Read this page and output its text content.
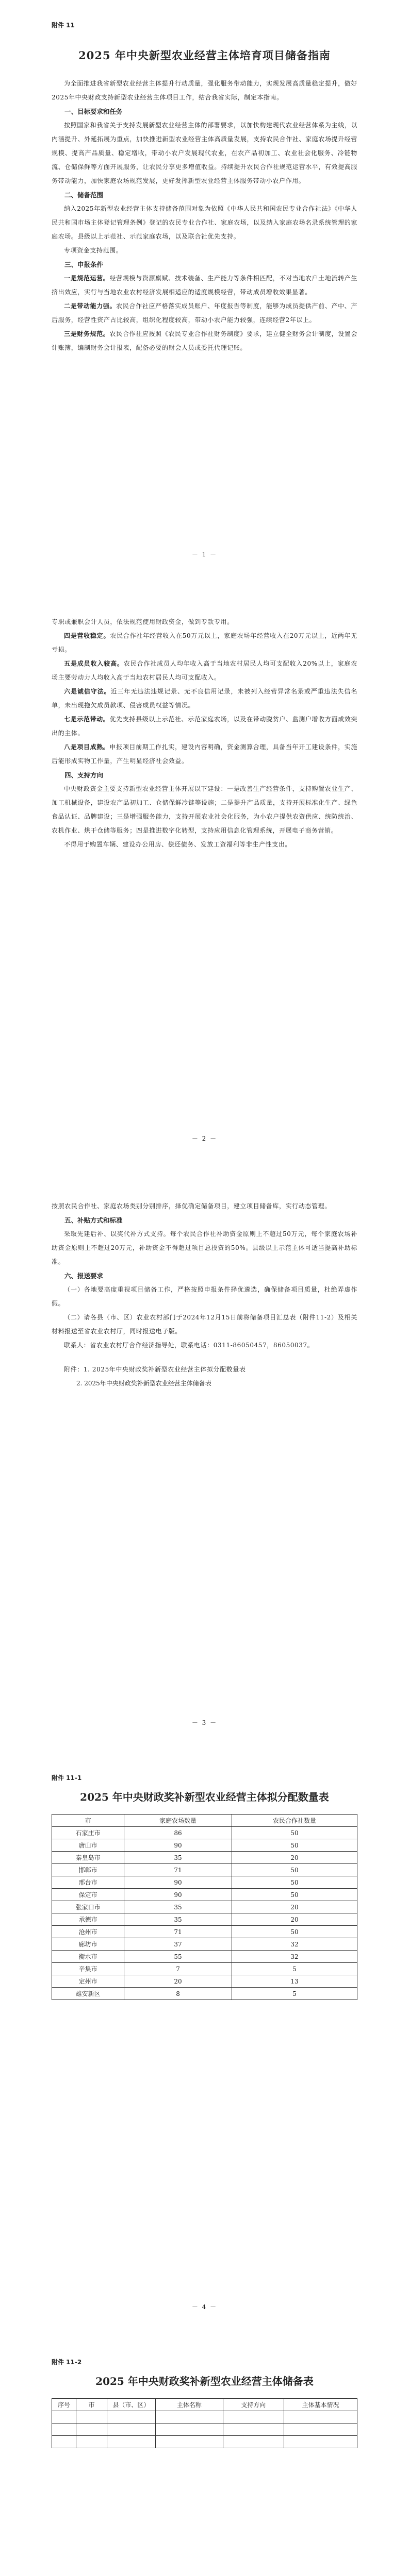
附件 11
2025 年中央新型农业经营主体培育项目储备指南

为全面推进我省新型农业经营主体提升行动质量，强化服务带动能力，实现发展高质量稳定提升，做好2025年中央财政支持新型农业经营主体项目工作，结合我省实际，制定本指南。

一、目标要求和任务

按照国家和我省关于支持发展新型农业经营主体的部署要求，以加快构建现代农业经营体系为主线，以内涵提升、外延拓展为重点，加快推进新型农业经营主体高质量发展，支持农民合作社、家庭农场提升经营规模、提高产品质量、稳定增收，带动小农户发展现代农业，在农产品初加工、农业社会化服务、冷链物流、仓储保鲜等方面开展服务，让农民分享更多增值收益。持续提升农民合作社规范运营水平，有效提高服务带动能力，加快家庭农场规范发展，更好发挥新型农业经营主体服务带动小农户作用。

二、储备范围

纳入2025年新型农业经营主体支持储备范围对象为依照《中华人民共和国农民专业合作社法》《中华人民共和国市场主体登记管理条例》登记的农民专业合作社、家庭农场，以及纳入家庭农场名录系统管理的家庭农场。县级以上示范社、示范家庭农场，以及联合社优先支持。

专项资金支持范围。

三、申报条件

一是规范运营。经营规模与资源禀赋、技术装备、生产能力等条件相匹配，不对当地农户土地流转产生挤出效应，实行与当地农业农村经济发展相适应的适度规模经营，带动成员增收效果显著。

二是带动能力强。农民合作社应严格落实成员账户、年度报告等制度，能够为成员提供产前、产中、产后服务，经营性资产占比较高，组织化程度较高，带动小农户能力较强，连续经营2年以上。

三是财务规范。农民合作社应按照《农民专业合作社财务制度》要求，建立健全财务会计制度，设置会计账簿，编制财务会计报表，配备必要的财会人员或委托代理记账。

－ 1 －

专职或兼职会计人员，依法规范使用财政资金，做到专款专用。

四是营收稳定。农民合作社年经营收入在50万元以上，家庭农场年经营收入在20万元以上，近两年无亏损。

五是成员收入较高。农民合作社成员人均年收入高于当地农村居民人均可支配收入20%以上，家庭农场主要劳动力人均收入高于当地农村居民人均可支配收入。

六是诚信守法。近三年无违法违规记录、无不良信用记录，未被列入经营异常名录或严重违法失信名单，未出现拖欠成员款项、侵害成员权益等情况。

七是示范带动。优先支持县级以上示范社、示范家庭农场，以及在带动脱贫户、监测户增收方面成效突出的主体。

八是项目成熟。申报项目前期工作扎实，建设内容明确，资金测算合理，具备当年开工建设条件，实施后能形成实物工作量，产生明显经济社会效益。

四、支持方向

中央财政资金主要支持新型农业经营主体开展以下建设：一是改善生产经营条件，支持购置农业生产、加工机械设备，建设农产品初加工、仓储保鲜冷链等设施；二是提升产品质量，支持开展标准化生产、绿色食品认证、品牌建设；三是增强服务能力，支持开展农业社会化服务，为小农户提供农资供应、统防统治、农机作业、烘干仓储等服务；四是推进数字化转型，支持应用信息化管理系统，开展电子商务营销。

不得用于购置车辆、建设办公用房、偿还债务、发放工资福利等非生产性支出。

－ 2 －

按照农民合作社、家庭农场类别分别排序，择优确定储备项目，建立项目储备库，实行动态管理。

五、补贴方式和标准

采取先建后补、以奖代补方式支持。每个农民合作社补助资金原则上不超过50万元，每个家庭农场补助资金原则上不超过20万元，补助资金不得超过项目总投资的50%。县级以上示范主体可适当提高补助标准。

六、报送要求

（一）各地要高度重视项目储备工作，严格按照申报条件择优遴选，确保储备项目质量，杜绝弄虚作假。

（二）请各县（市、区）农业农村部门于2024年12月15日前将储备项目汇总表（附件11-2）及相关材料报送至省农业农村厅，同时报送电子版。

联系人：省农业农村厅合作经济指导处，联系电话：0311-86050457，86050037。

附件：1. 2025年中央财政奖补新型农业经营主体拟分配数量表

2. 2025年中央财政奖补新型农业经营主体储备表

－ 3 －
附件 11-1
2025 年中央财政奖补新型农业经营主体拟分配数量表
市	家庭农场数量	农民合作社数量
石家庄市	86	50
唐山市	90	50
秦皇岛市	35	20
邯郸市	71	50
邢台市	90	50
保定市	90	50
张家口市	35	20
承德市	35	20
沧州市	71	50
廊坊市	37	32
衡水市	55	32
辛集市	7	5
定州市	20	13
雄安新区	8	5
－ 4 －
附件 11-2
2025 年中央财政奖补新型农业经营主体储备表
序号	市	县（市、区）	主体名称	支持方向	主体基本情况
